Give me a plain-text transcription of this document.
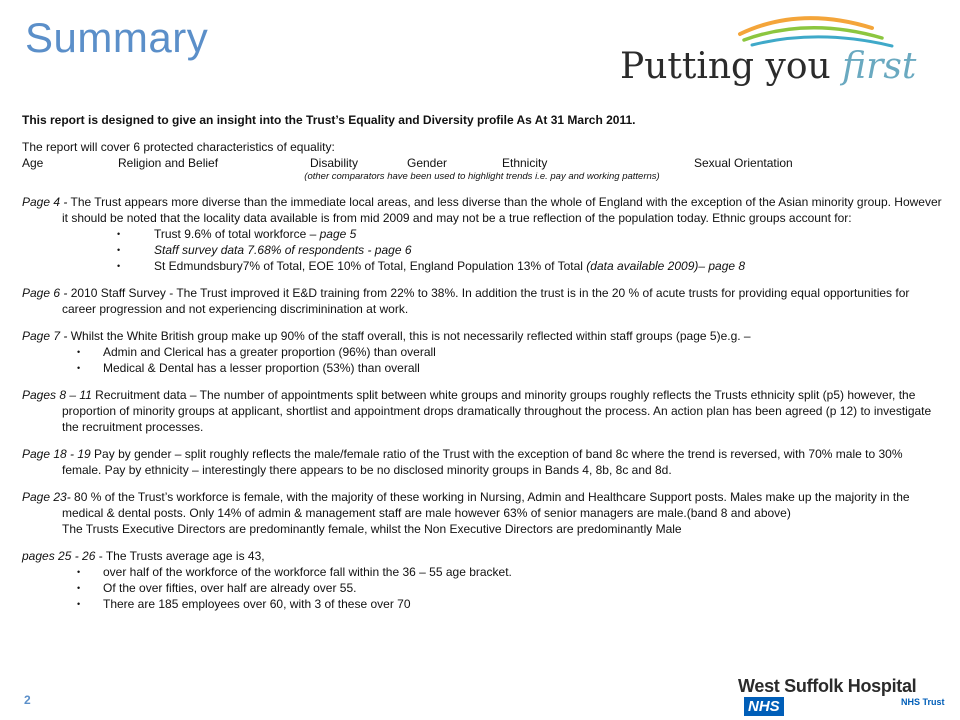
Summary
Putting you first

This report is designed to give an insight into the Trust’s Equality and Diversity profile As At 31 March 2011.

The report will cover 6 protected characteristics of equality:

Age	Religion and Belief	Disability	Gender	Ethnicity	Sexual Orientation

(other comparators have been used to highlight trends i.e. pay and working patterns)

Page 4 - The Trust appears more diverse than the immediate local areas, and less diverse than the whole of England with the exception of the Asian minority group. However it should be noted that the locality data available is from mid 2009 and may not be a true reflection of the population today. Ethnic groups account for:

•	Trust 9.6% of total workforce – page 5
•	Staff survey data 7.68% of respondents - page 6
•	St Edmundsbury7% of Total, EOE 10% of Total, England Population 13% of Total (data available 2009)– page 8

Page 6 - 2010 Staff Survey - The Trust improved it E&D training from 22% to 38%. In addition the trust is in the 20 % of acute trusts for providing equal opportunities for career progression and not experiencing discriminination at work.

Page 7 - Whilst the White British group make up 90% of the staff overall, this is not necessarily reflected within staff groups (page 5)e.g. –

•	Admin and Clerical has a greater proportion (96%) than overall
•	Medical & Dental has a lesser proportion (53%) than overall

Pages 8 – 11 Recruitment data – The number of appointments split between white groups and minority groups roughly reflects the Trusts ethnicity split (p5) however, the proportion of minority groups at applicant, shortlist and appointment drops dramatically throughout the process. An action plan has been agreed (p 12) to investigate the recruitment processes.

Page 18 - 19 Pay by gender – split roughly reflects the male/female ratio of the Trust with the exception of band 8c where the trend is reversed, with 70% male to 30% female. Pay by ethnicity – interestingly there appears to be no disclosed minority groups in Bands 4, 8b, 8c and 8d.

Page 23- 80 % of the Trust’s workforce is female, with the majority of these working in Nursing, Admin and Healthcare Support posts. Males make up the majority in the medical & dental posts. Only 14% of admin & management staff are male however 63% of senior managers are male.(band 8 and above)

The Trusts Executive Directors are predominantly female, whilst the Non Executive Directors are predominantly Male

pages 25 - 26 - The Trusts average age is 43,

•	over half of the workforce of the workforce fall within the 36 – 55 age bracket.
•	Of the over fifties, over half are already over 55.
•	There are 185 employees over 60, with 3 of these over 70
2
West Suffolk HospitalNHS	NHS Trust
